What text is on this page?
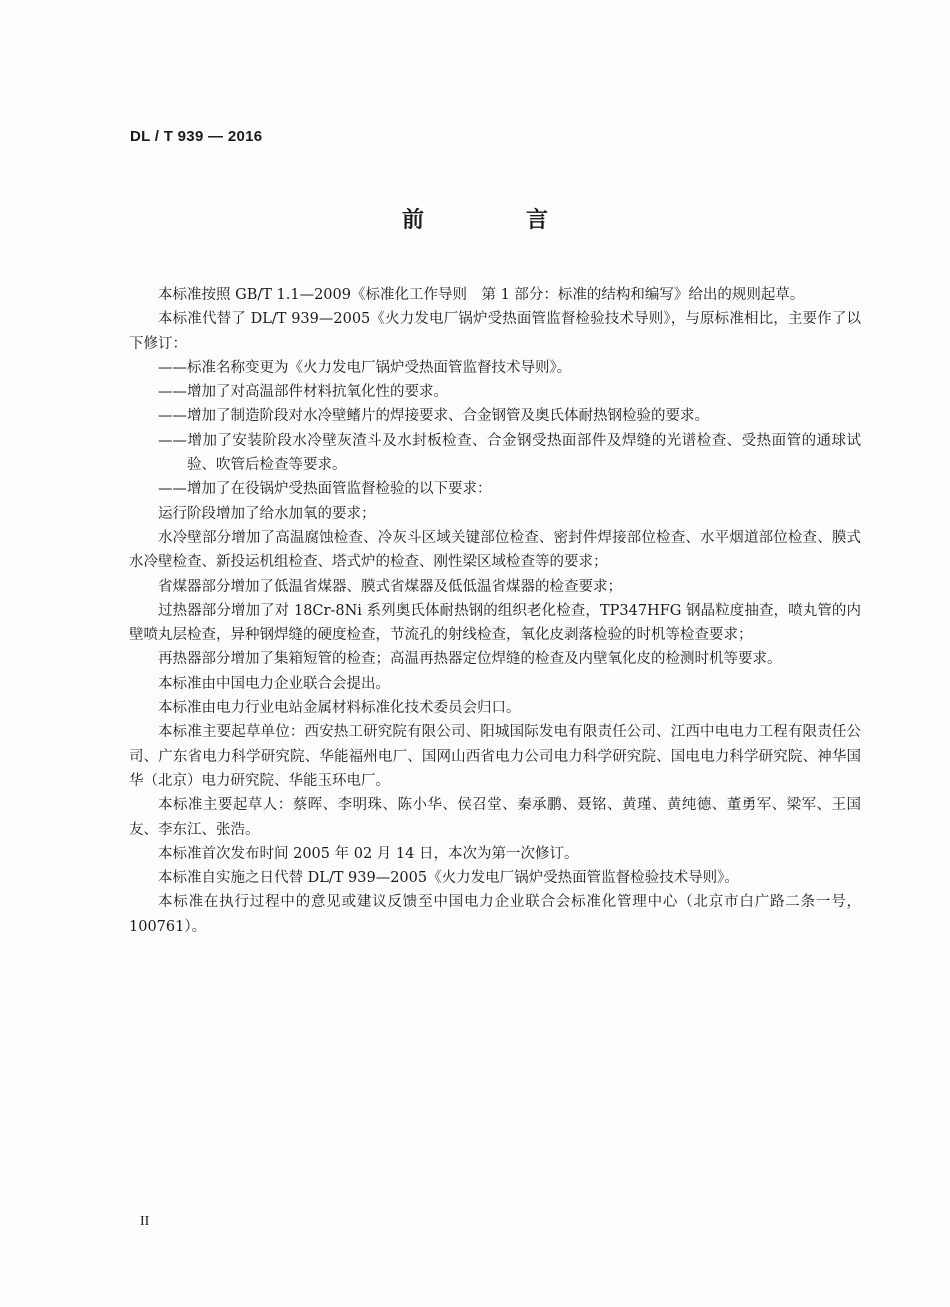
DL / T 939 — 2016
前　言

本标准按照 GB/T 1.1—2009《标准化工作导则　第 1 部分：标准的结构和编写》给出的规则起草。

本标准代替了 DL/T 939—2005《火力发电厂锅炉受热面管监督检验技术导则》，与原标准相比，主要作了以下修订：

——标准名称变更为《火力发电厂锅炉受热面管监督技术导则》。

——增加了对高温部件材料抗氧化性的要求。

——增加了制造阶段对水冷壁鳍片的焊接要求、合金钢管及奥氏体耐热钢检验的要求。

——增加了安装阶段水冷壁灰渣斗及水封板检查、合金钢受热面部件及焊缝的光谱检查、受热面管的通球试验、吹管后检查等要求。

——增加了在役锅炉受热面管监督检验的以下要求：

运行阶段增加了给水加氧的要求；

水冷壁部分增加了高温腐蚀检查、冷灰斗区域关键部位检查、密封件焊接部位检查、水平烟道部位检查、膜式水冷壁检查、新投运机组检查、塔式炉的检查、刚性梁区域检查等的要求；

省煤器部分增加了低温省煤器、膜式省煤器及低低温省煤器的检查要求；

过热器部分增加了对 18Cr-8Ni 系列奥氏体耐热钢的组织老化检查，TP347HFG 钢晶粒度抽查，喷丸管的内壁喷丸层检查，异种钢焊缝的硬度检查，节流孔的射线检查，氧化皮剥落检验的时机等检查要求；

再热器部分增加了集箱短管的检查；高温再热器定位焊缝的检查及内壁氧化皮的检测时机等要求。

本标准由中国电力企业联合会提出。

本标准由电力行业电站金属材料标准化技术委员会归口。

本标准主要起草单位：西安热工研究院有限公司、阳城国际发电有限责任公司、江西中电电力工程有限责任公司、广东省电力科学研究院、华能福州电厂、国网山西省电力公司电力科学研究院、国电电力科学研究院、神华国华（北京）电力研究院、华能玉环电厂。

本标准主要起草人：蔡晖、李明珠、陈小华、侯召堂、秦承鹏、聂铭、黄瑾、黄纯德、董勇军、梁军、王国友、李东江、张浩。

本标准首次发布时间 2005 年 02 月 14 日，本次为第一次修订。

本标准自实施之日代替 DL/T 939—2005《火力发电厂锅炉受热面管监督检验技术导则》。

本标准在执行过程中的意见或建议反馈至中国电力企业联合会标准化管理中心（北京市白广路二条一号，100761）。

II
